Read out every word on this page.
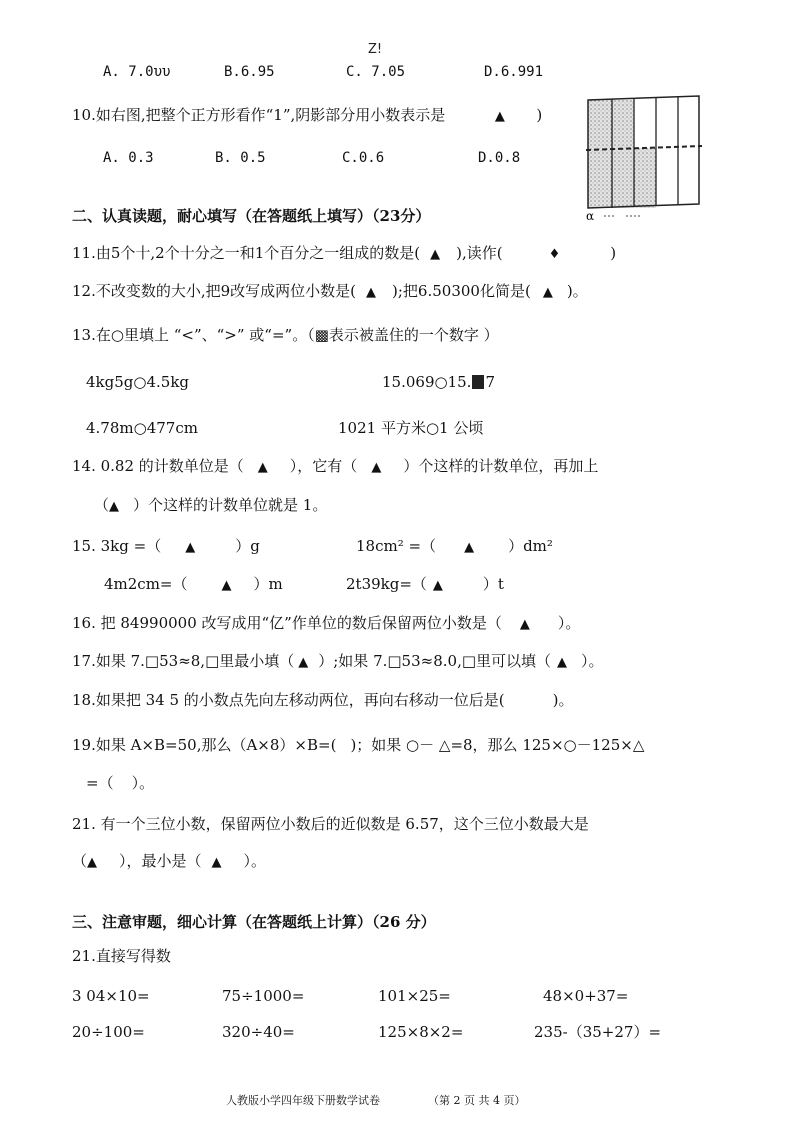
Z!
A. 7.0υυ	B.6.95	C. 7.05	D.6.991
10.如右图,把整个正方形看作“1”,阴影部分用小数表示是	▲ )
A. 0.3	B. 0.5	C.0.6	D.0.8
α
二、认真读题，耐心填写（在答题纸上填写）（23分）
11.由5个十,2个十分之一和1个百分之一组成的数是( ▲ ),读作(	♦	)
12.不改变数的大小,把9改写成两位小数是( ▲ );把6.50300化简是( ▲ )。
13.在○里填上 “<”、“>” 或“=”。（▩表示被盖住的一个数字 ）
4kg5g○4.5kg	15.069○15. 7
4.78m○477cm	1021 平方米○1 公顷
14. 0.82 的计数单位是（ ▲ ），它有（ ▲ ）个这样的计数单位，再加上
（▲ ）个这样的计数单位就是 1。
15. 3kg =（ ▲	）g	18cm² =（ ▲ ）dm²
4m2cm=（	▲ ）m	2t39kg=（ ▲	）t
16. 把 84990000 改写成用“亿”作单位的数后保留两位小数是（ ▲ ）。
17.如果 7.□53≈8,□里最小填（ ▲ ）;如果 7.□53≈8.0,□里可以填（ ▲ ）。
18.如果把 34 5 的小数点先向左移动两位，再向右移动一位后是(	)。
19.如果 A×B=50,那么（A×8）×B=( )；如果 ○－ △=8，那么 125×○－125×△
=（ ）。
21. 有一个三位小数，保留两位小数后的近似数是 6.57，这个三位小数最大是
（▲ ），最小是（ ▲ ）。
三、注意审题，细心计算（在答题纸上计算）（26 分）
21.直接写得数
3 04×10=	75÷1000=	101×25=	48×0+37=
20÷100=	320÷40=	125×8×2=	235-（35+27）=
人教版小学四年级下册数学试卷	（第 2 页 共 4 页）
